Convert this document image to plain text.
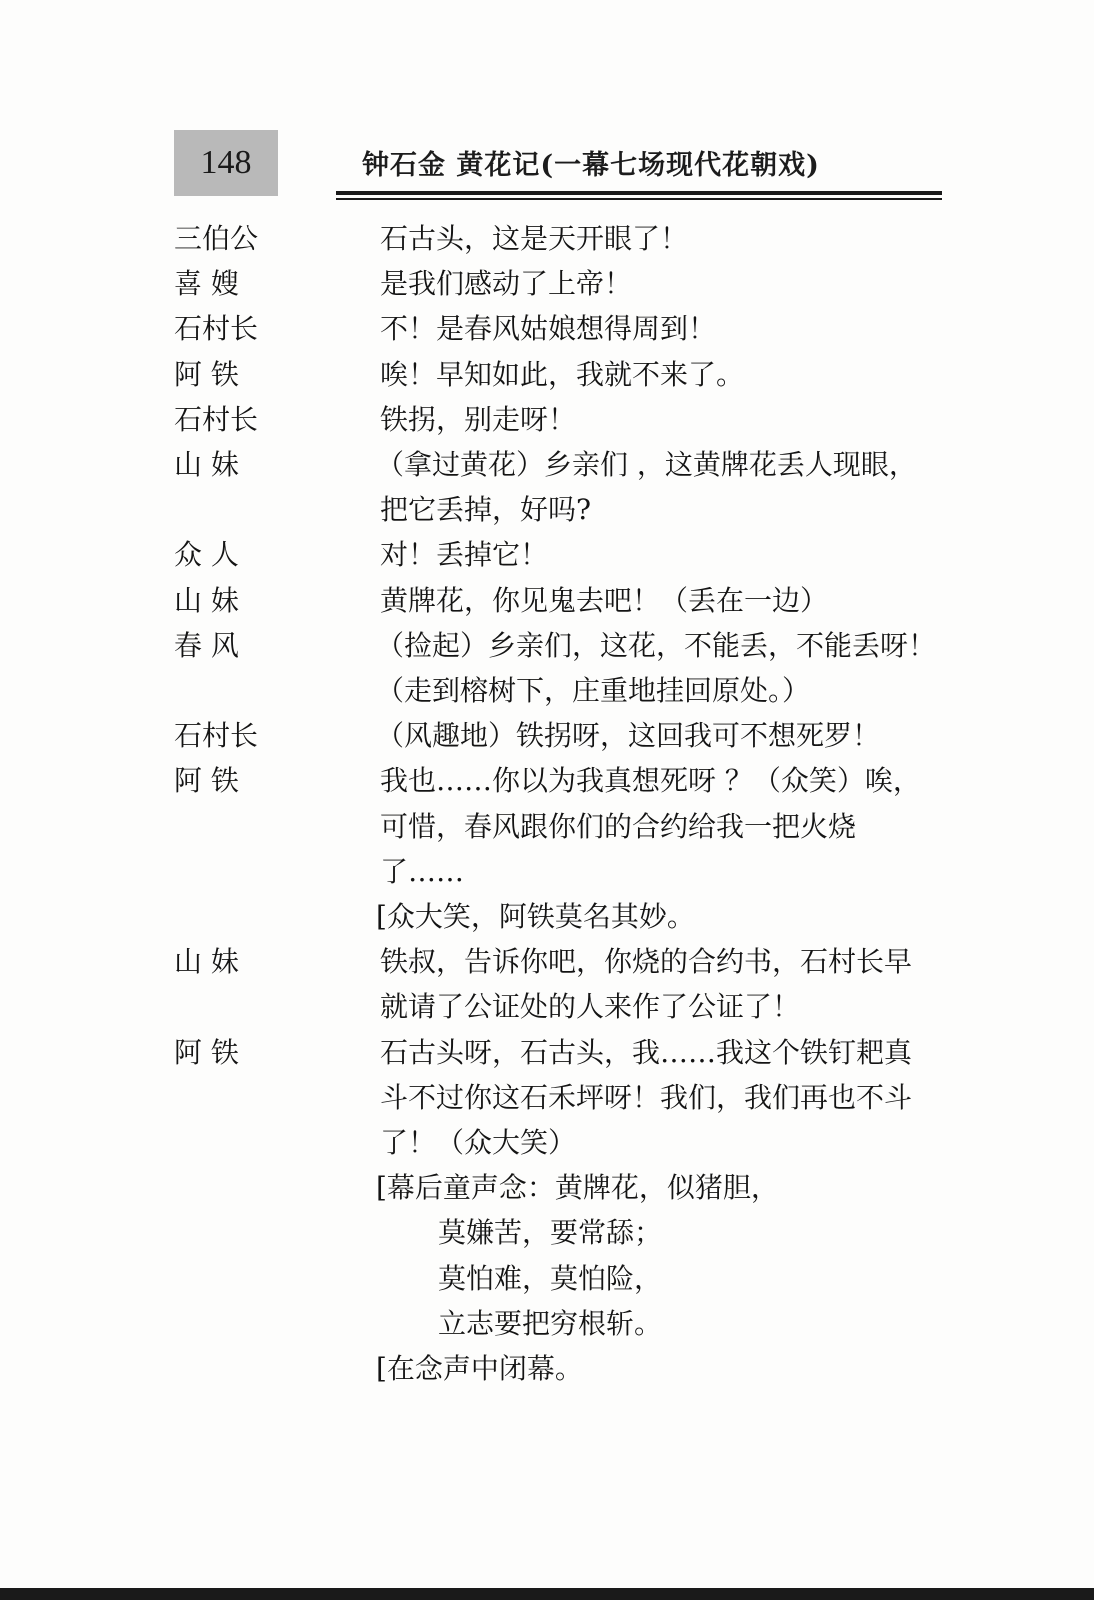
148	钟石金 黄花记(一幕七场现代花朝戏)
三伯公	石古头，这是天开眼了！
喜 嫂	是我们感动了上帝！
石村长	不！是春风姑娘想得周到！
阿 铁	唉！早知如此，我就不来了。
石村长	铁拐，别走呀！
山 妹	（拿过黄花）乡亲们 ，这黄牌花丢人现眼，
把它丢掉，好吗?
众 人	对！丢掉它！
山 妹	黄牌花，你见鬼去吧！（丢在一边）
春 风	（捡起）乡亲们，这花，不能丢，不能丢呀！
（走到榕树下，庄重地挂回原处。）
石村长	（风趣地）铁拐呀，这回我可不想死罗！
阿 铁	我也……你以为我真想死呀 ？（众笑）唉，
可惜，春风跟你们的合约给我一把火烧
了……
[众大笑，阿铁莫名其妙。
山 妹	铁叔，告诉你吧，你烧的合约书，石村长早
就请了公证处的人来作了公证了！
阿 铁	石古头呀，石古头，我……我这个铁钉耙真
斗不过你这石禾坪呀！我们，我们再也不斗
了！（众大笑）
[幕后童声念：黄牌花，似猪胆，
莫嫌苦，要常舔；
莫怕难，莫怕险，
立志要把穷根斩。
[在念声中闭幕。
